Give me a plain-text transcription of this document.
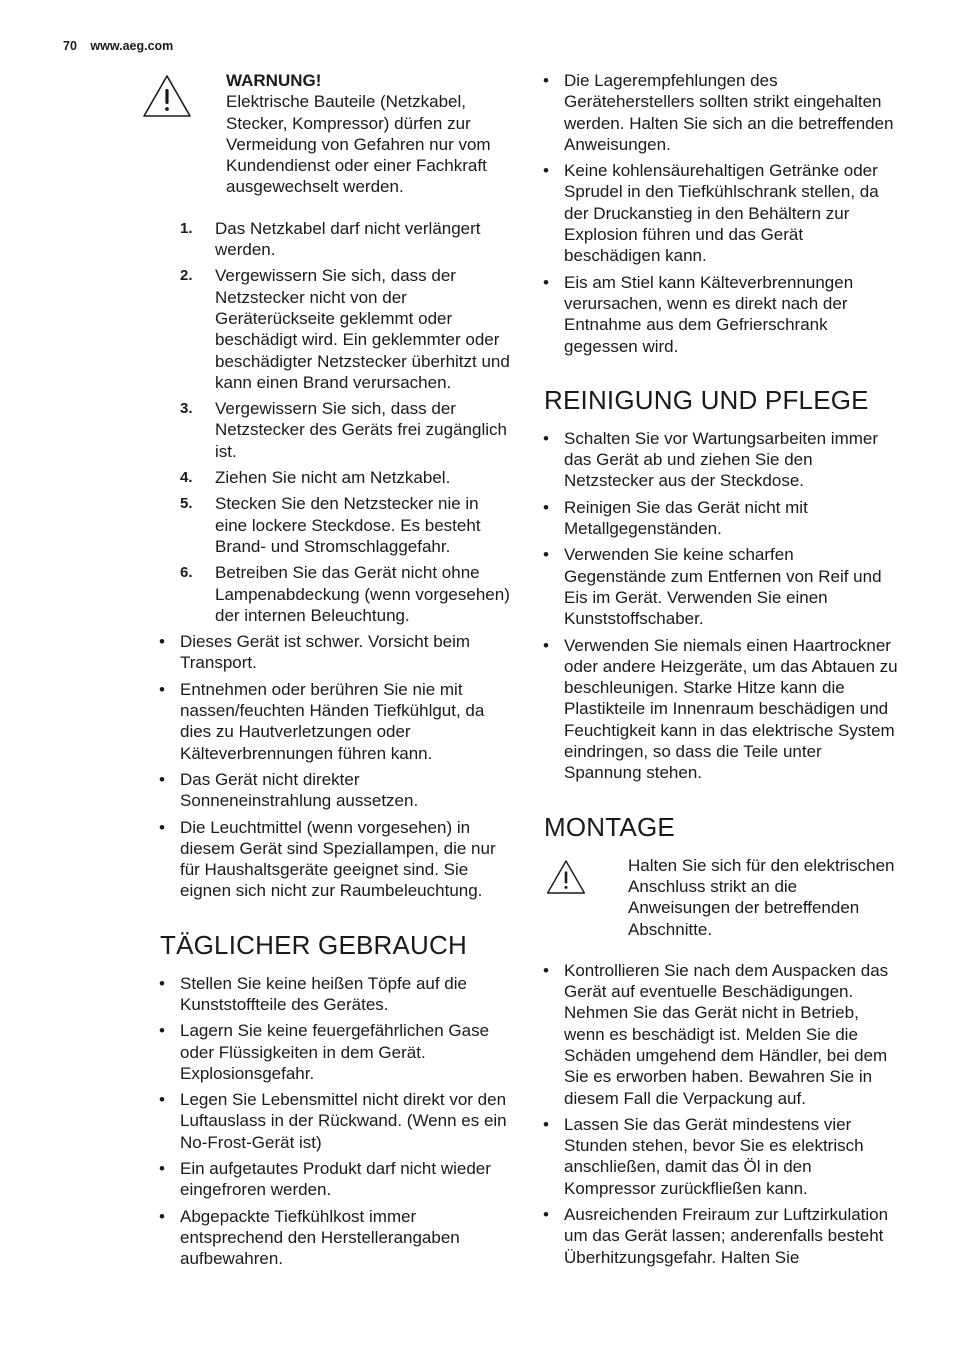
70 www.aeg.com
WARNUNG!
Elektrische Bauteile (Netzkabel, Stecker, Kompressor) dürfen zur Vermeidung von Gefahren nur vom Kundendienst oder einer Fachkraft ausgewechselt werden.
1. Das Netzkabel darf nicht verlängert werden.
2. Vergewissern Sie sich, dass der Netzstecker nicht von der Geräterückseite geklemmt oder beschädigt wird. Ein geklemmter oder beschädigter Netzstecker überhitzt und kann einen Brand verursachen.
3. Vergewissern Sie sich, dass der Netzstecker des Geräts frei zugänglich ist.
4. Ziehen Sie nicht am Netzkabel.
5. Stecken Sie den Netzstecker nie in eine lockere Steckdose. Es besteht Brand- und Stromschlaggefahr.
6. Betreiben Sie das Gerät nicht ohne Lampenabdeckung (wenn vorgesehen) der internen Beleuchtung.
• Dieses Gerät ist schwer. Vorsicht beim Transport.
• Entnehmen oder berühren Sie nie mit nassen/feuchten Händen Tiefkühlgut, da dies zu Hautverletzungen oder Kälteverbrennungen führen kann.
• Das Gerät nicht direkter Sonneneinstrahlung aussetzen.
• Die Leuchtmittel (wenn vorgesehen) in diesem Gerät sind Speziallampen, die nur für Haushaltsgeräte geeignet sind. Sie eignen sich nicht zur Raumbeleuchtung.
TÄGLICHER GEBRAUCH
• Stellen Sie keine heißen Töpfe auf die Kunststoffteile des Gerätes.
• Lagern Sie keine feuergefährlichen Gase oder Flüssigkeiten in dem Gerät. Explosionsgefahr.
• Legen Sie Lebensmittel nicht direkt vor den Luftauslass in der Rückwand. (Wenn es ein No-Frost-Gerät ist)
• Ein aufgetautes Produkt darf nicht wieder eingefroren werden.
• Abgepackte Tiefkühlkost immer entsprechend den Herstellerangaben aufbewahren.
• Die Lagerempfehlungen des Geräteherstellers sollten strikt eingehalten werden. Halten Sie sich an die betreffenden Anweisungen.
• Keine kohlensäurehaltigen Getränke oder Sprudel in den Tiefkühlschrank stellen, da der Druckanstieg in den Behältern zur Explosion führen und das Gerät beschädigen kann.
• Eis am Stiel kann Kälteverbrennungen verursachen, wenn es direkt nach der Entnahme aus dem Gefrierschrank gegessen wird.
REINIGUNG UND PFLEGE
• Schalten Sie vor Wartungsarbeiten immer das Gerät ab und ziehen Sie den Netzstecker aus der Steckdose.
• Reinigen Sie das Gerät nicht mit Metallgegenständen.
• Verwenden Sie keine scharfen Gegenstände zum Entfernen von Reif und Eis im Gerät. Verwenden Sie einen Kunststoffschaber.
• Verwenden Sie niemals einen Haartrockner oder andere Heizgeräte, um das Abtauen zu beschleunigen. Starke Hitze kann die Plastikteile im Innenraum beschädigen und Feuchtigkeit kann in das elektrische System eindringen, so dass die Teile unter Spannung stehen.
MONTAGE
Halten Sie sich für den elektrischen Anschluss strikt an die Anweisungen der betreffenden Abschnitte.
• Kontrollieren Sie nach dem Auspacken das Gerät auf eventuelle Beschädigungen. Nehmen Sie das Gerät nicht in Betrieb, wenn es beschädigt ist. Melden Sie die Schäden umgehend dem Händler, bei dem Sie es erworben haben. Bewahren Sie in diesem Fall die Verpackung auf.
• Lassen Sie das Gerät mindestens vier Stunden stehen, bevor Sie es elektrisch anschließen, damit das Öl in den Kompressor zurückfließen kann.
• Ausreichenden Freiraum zur Luftzirkulation um das Gerät lassen; anderenfalls besteht Überhitzungsgefahr. Halten Sie
